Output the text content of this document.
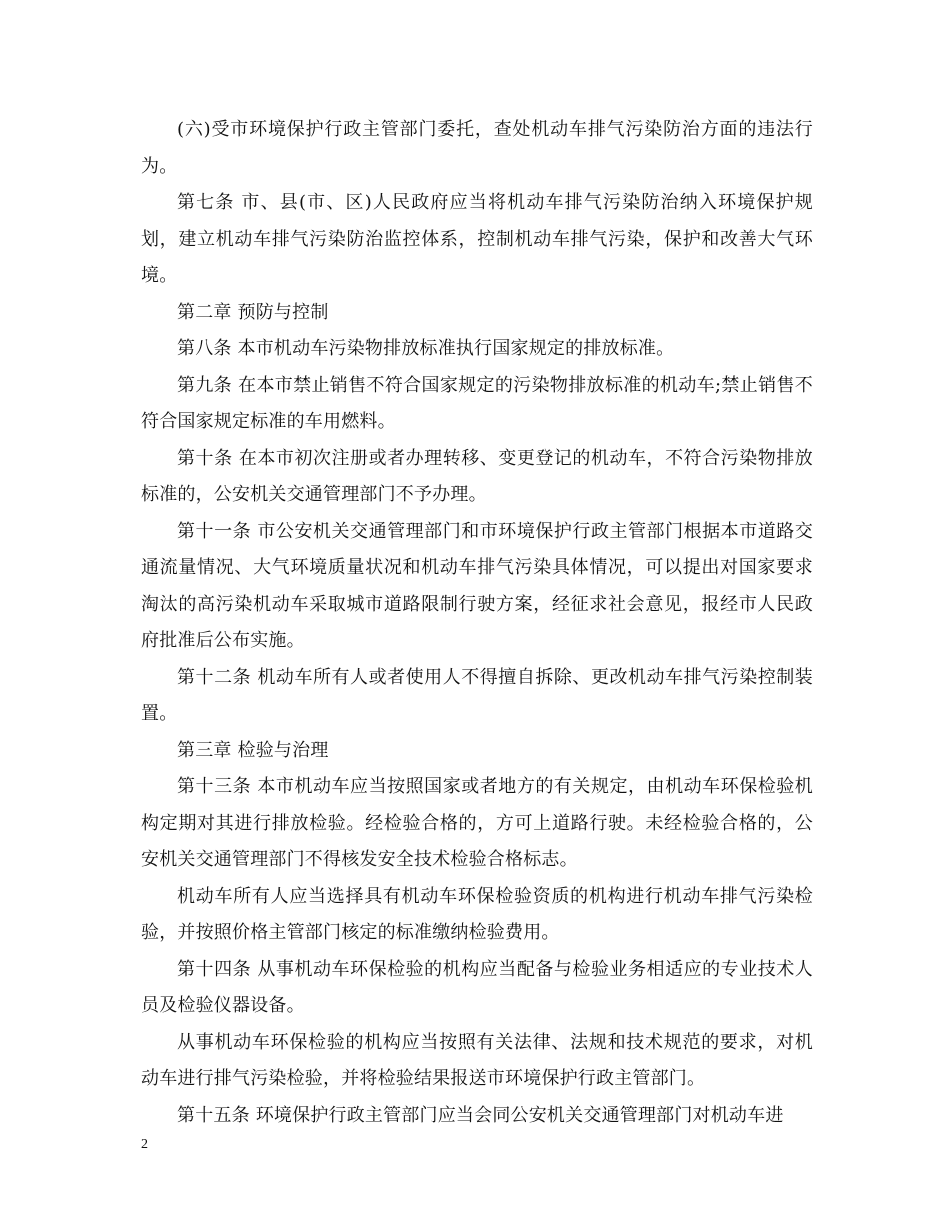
(六)受市环境保护行政主管部门委托，查处机动车排气污染防治方面的违法行为。

第七条 市、县(市、区)人民政府应当将机动车排气污染防治纳入环境保护规划，建立机动车排气污染防治监控体系，控制机动车排气污染，保护和改善大气环境。

第二章 预防与控制

第八条 本市机动车污染物排放标准执行国家规定的排放标准。

第九条 在本市禁止销售不符合国家规定的污染物排放标准的机动车;禁止销售不符合国家规定标准的车用燃料。

第十条 在本市初次注册或者办理转移、变更登记的机动车，不符合污染物排放标准的，公安机关交通管理部门不予办理。

第十一条 市公安机关交通管理部门和市环境保护行政主管部门根据本市道路交通流量情况、大气环境质量状况和机动车排气污染具体情况，可以提出对国家要求淘汰的高污染机动车采取城市道路限制行驶方案，经征求社会意见，报经市人民政府批准后公布实施。

第十二条 机动车所有人或者使用人不得擅自拆除、更改机动车排气污染控制装置。

第三章 检验与治理

第十三条 本市机动车应当按照国家或者地方的有关规定，由机动车环保检验机构定期对其进行排放检验。经检验合格的，方可上道路行驶。未经检验合格的，公安机关交通管理部门不得核发安全技术检验合格标志。

机动车所有人应当选择具有机动车环保检验资质的机构进行机动车排气污染检验，并按照价格主管部门核定的标准缴纳检验费用。

第十四条 从事机动车环保检验的机构应当配备与检验业务相适应的专业技术人员及检验仪器设备。

从事机动车环保检验的机构应当按照有关法律、法规和技术规范的要求，对机动车进行排气污染检验，并将检验结果报送市环境保护行政主管部门。

第十五条 环境保护行政主管部门应当会同公安机关交通管理部门对机动车进

2
